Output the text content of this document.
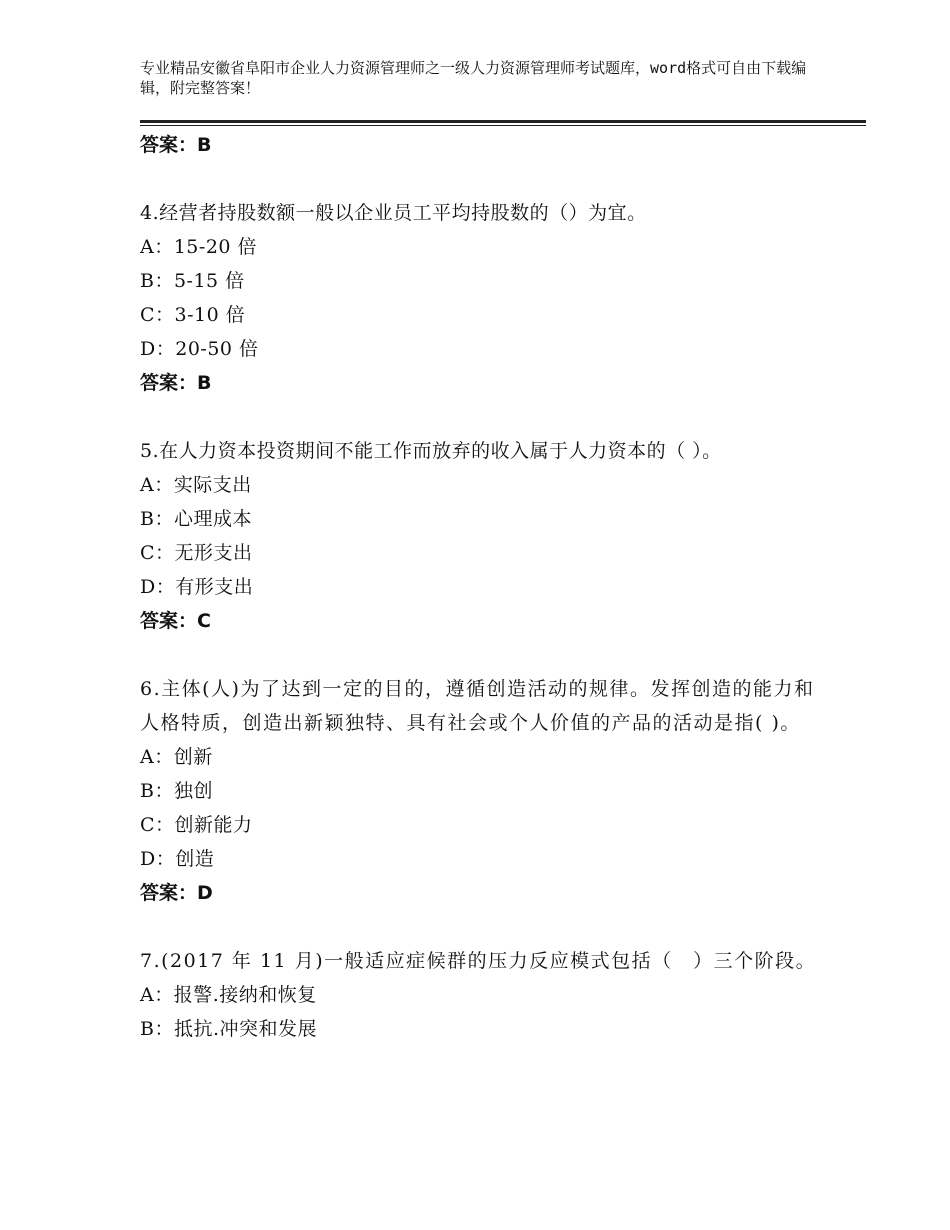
专业精品安徽省阜阳市企业人力资源管理师之一级人力资源管理师考试题库，word格式可自由下载编辑，附完整答案！
答案：B
4.经营者持股数额一般以企业员工平均持股数的（）为宜。
A：15-20 倍
B：5-15 倍
C：3-10 倍
D：20-50 倍
答案：B
5.在人力资本投资期间不能工作而放弃的收入属于人力资本的（ ）。
A：实际支出
B：心理成本
C：无形支出
D：有形支出
答案：C
6.主体(人)为了达到一定的目的，遵循创造活动的规律。发挥创造的能力和人格特质，创造出新颖独特、具有社会或个人价值的产品的活动是指( )。
A：创新
B：独创
C：创新能力
D：创造
答案：D
7.(2017 年 11 月)一般适应症候群的压力反应模式包括（　）三个阶段。
A：报警.接纳和恢复
B：抵抗.冲突和发展
